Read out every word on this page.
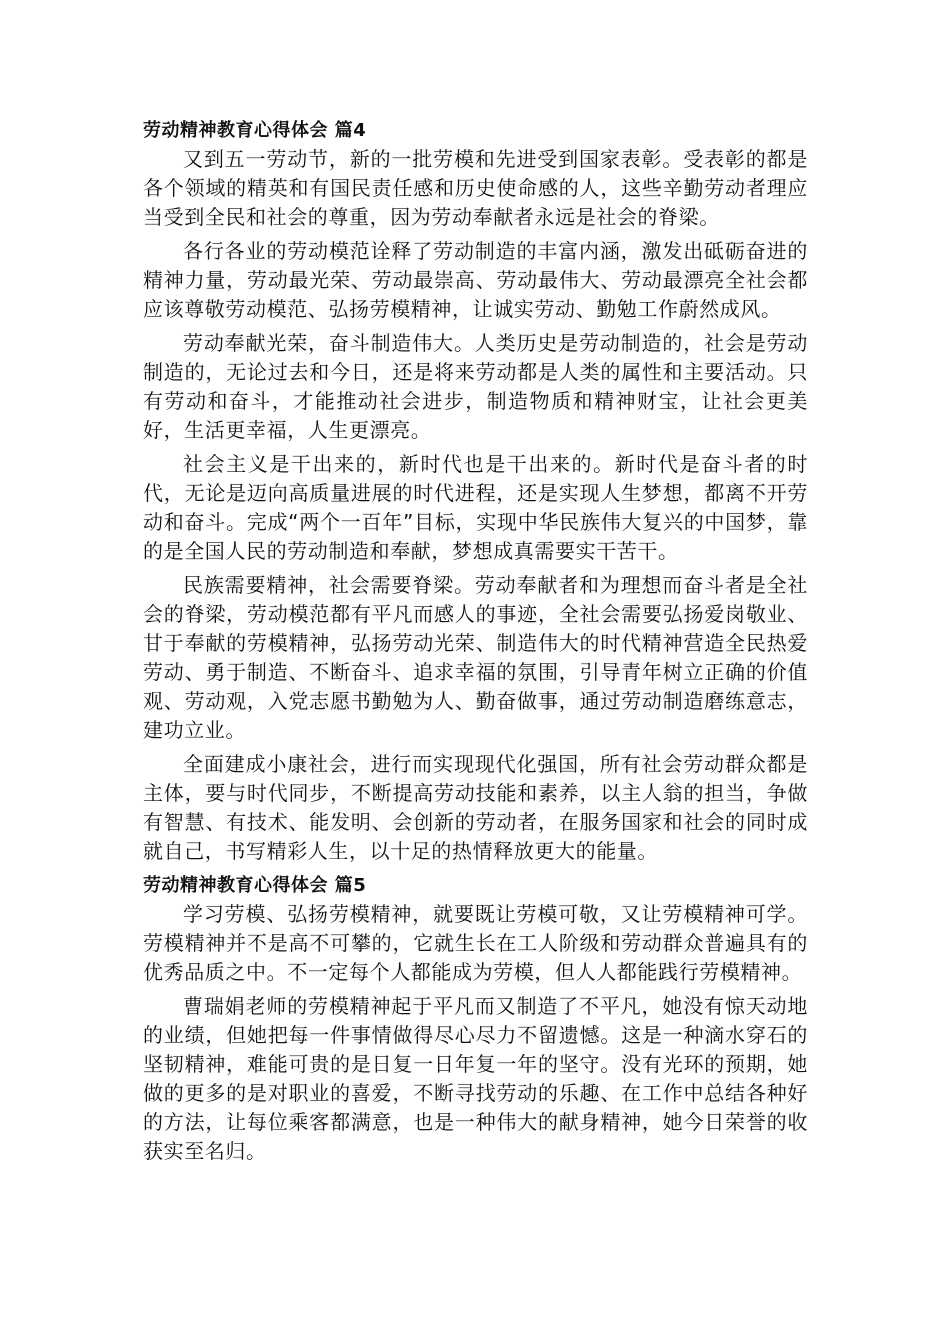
劳动精神教育心得体会 篇4

又到五一劳动节，新的一批劳模和先进受到国家表彰。受表彰的都是各个领域的精英和有国民责任感和历史使命感的人，这些辛勤劳动者理应当受到全民和社会的尊重，因为劳动奉献者永远是社会的脊梁。

各行各业的劳动模范诠释了劳动制造的丰富内涵，激发出砥砺奋进的精神力量，劳动最光荣、劳动最崇高、劳动最伟大、劳动最漂亮全社会都应该尊敬劳动模范、弘扬劳模精神，让诚实劳动、勤勉工作蔚然成风。

劳动奉献光荣，奋斗制造伟大。人类历史是劳动制造的，社会是劳动制造的，无论过去和今日，还是将来劳动都是人类的属性和主要活动。只有劳动和奋斗，才能推动社会进步，制造物质和精神财宝，让社会更美好，生活更幸福，人生更漂亮。

社会主义是干出来的，新时代也是干出来的。新时代是奋斗者的时代，无论是迈向高质量进展的时代进程，还是实现人生梦想，都离不开劳动和奋斗。完成“两个一百年”目标，实现中华民族伟大复兴的中国梦，靠的是全国人民的劳动制造和奉献，梦想成真需要实干苦干。

民族需要精神，社会需要脊梁。劳动奉献者和为理想而奋斗者是全社会的脊梁，劳动模范都有平凡而感人的事迹，全社会需要弘扬爱岗敬业、甘于奉献的劳模精神，弘扬劳动光荣、制造伟大的时代精神营造全民热爱劳动、勇于制造、不断奋斗、追求幸福的氛围，引导青年树立正确的价值观、劳动观，入党志愿书勤勉为人、勤奋做事，通过劳动制造磨练意志，建功立业。

全面建成小康社会，进行而实现现代化强国，所有社会劳动群众都是主体，要与时代同步，不断提高劳动技能和素养，以主人翁的担当，争做有智慧、有技术、能发明、会创新的劳动者，在服务国家和社会的同时成就自己，书写精彩人生，以十足的热情释放更大的能量。

劳动精神教育心得体会 篇5

学习劳模、弘扬劳模精神，就要既让劳模可敬，又让劳模精神可学。劳模精神并不是高不可攀的，它就生长在工人阶级和劳动群众普遍具有的优秀品质之中。不一定每个人都能成为劳模，但人人都能践行劳模精神。

曹瑞娟老师的劳模精神起于平凡而又制造了不平凡，她没有惊天动地的业绩，但她把每一件事情做得尽心尽力不留遗憾。这是一种滴水穿石的坚韧精神，难能可贵的是日复一日年复一年的坚守。没有光环的预期，她做的更多的是对职业的喜爱，不断寻找劳动的乐趣、在工作中总结各种好的方法，让每位乘客都满意，也是一种伟大的献身精神，她今日荣誉的收获实至名归。
